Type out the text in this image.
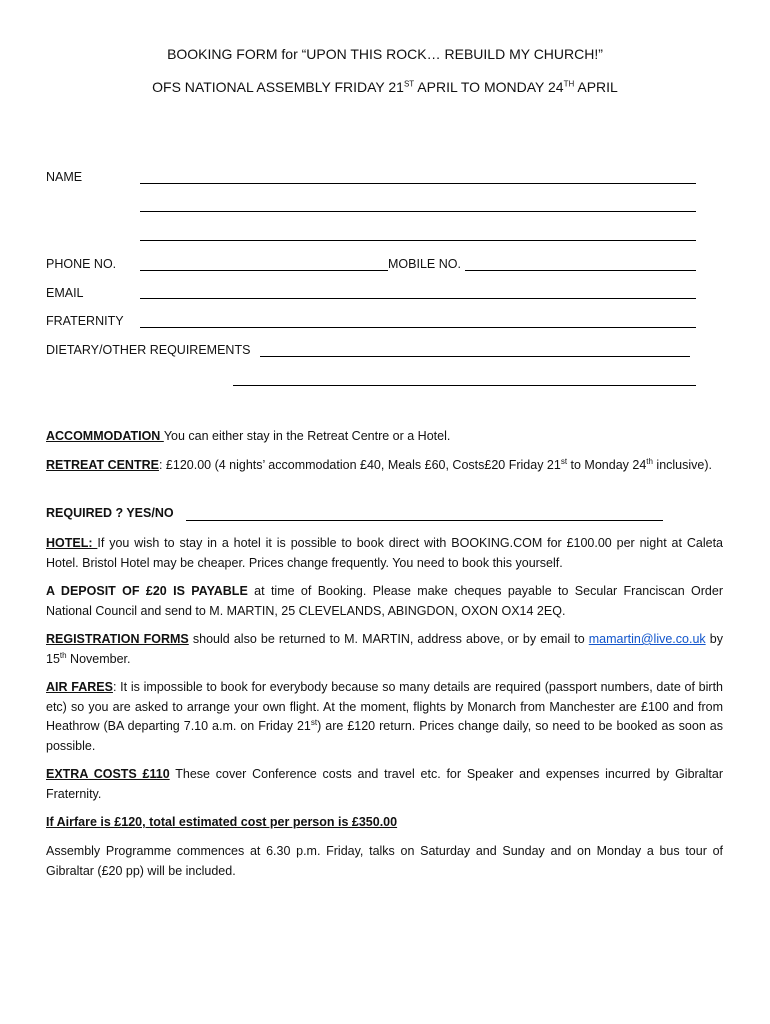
BOOKING FORM for “UPON THIS ROCK… REBUILD MY CHURCH!”
OFS NATIONAL ASSEMBLY FRIDAY 21ST APRIL TO MONDAY 24TH APRIL
NAME
PHONE NO.	MOBILE NO.
EMAIL
FRATERNITY
DIETARY/OTHER REQUIREMENTS
ACCOMMODATION You can either stay in the Retreat Centre or a Hotel.
RETREAT CENTRE: £120.00 (4 nights’ accommodation £40, Meals £60, Costs£20 Friday 21st to Monday 24th inclusive).
REQUIRED ? YES/NO
HOTEL: If you wish to stay in a hotel it is possible to book direct with BOOKING.COM for £100.00 per night at Caleta Hotel. Bristol Hotel may be cheaper. Prices change frequently. You need to book this yourself.
A DEPOSIT OF £20 IS PAYABLE at time of Booking. Please make cheques payable to Secular Franciscan Order National Council and send to M. MARTIN, 25 CLEVELANDS, ABINGDON, OXON OX14 2EQ.
REGISTRATION FORMS should also be returned to M. MARTIN, address above, or by email to mamartin@live.co.uk by 15th November.
AIR FARES: It is impossible to book for everybody because so many details are required (passport numbers, date of birth etc) so you are asked to arrange your own flight. At the moment, flights by Monarch from Manchester are £100 and from Heathrow (BA departing 7.10 a.m. on Friday 21st) are £120 return. Prices change daily, so need to be booked as soon as possible.
EXTRA COSTS £110 These cover Conference costs and travel etc. for Speaker and expenses incurred by Gibraltar Fraternity.
If Airfare is £120, total estimated cost per person is £350.00
Assembly Programme commences at 6.30 p.m. Friday, talks on Saturday and Sunday and on Monday a bus tour of Gibraltar (£20 pp) will be included.
